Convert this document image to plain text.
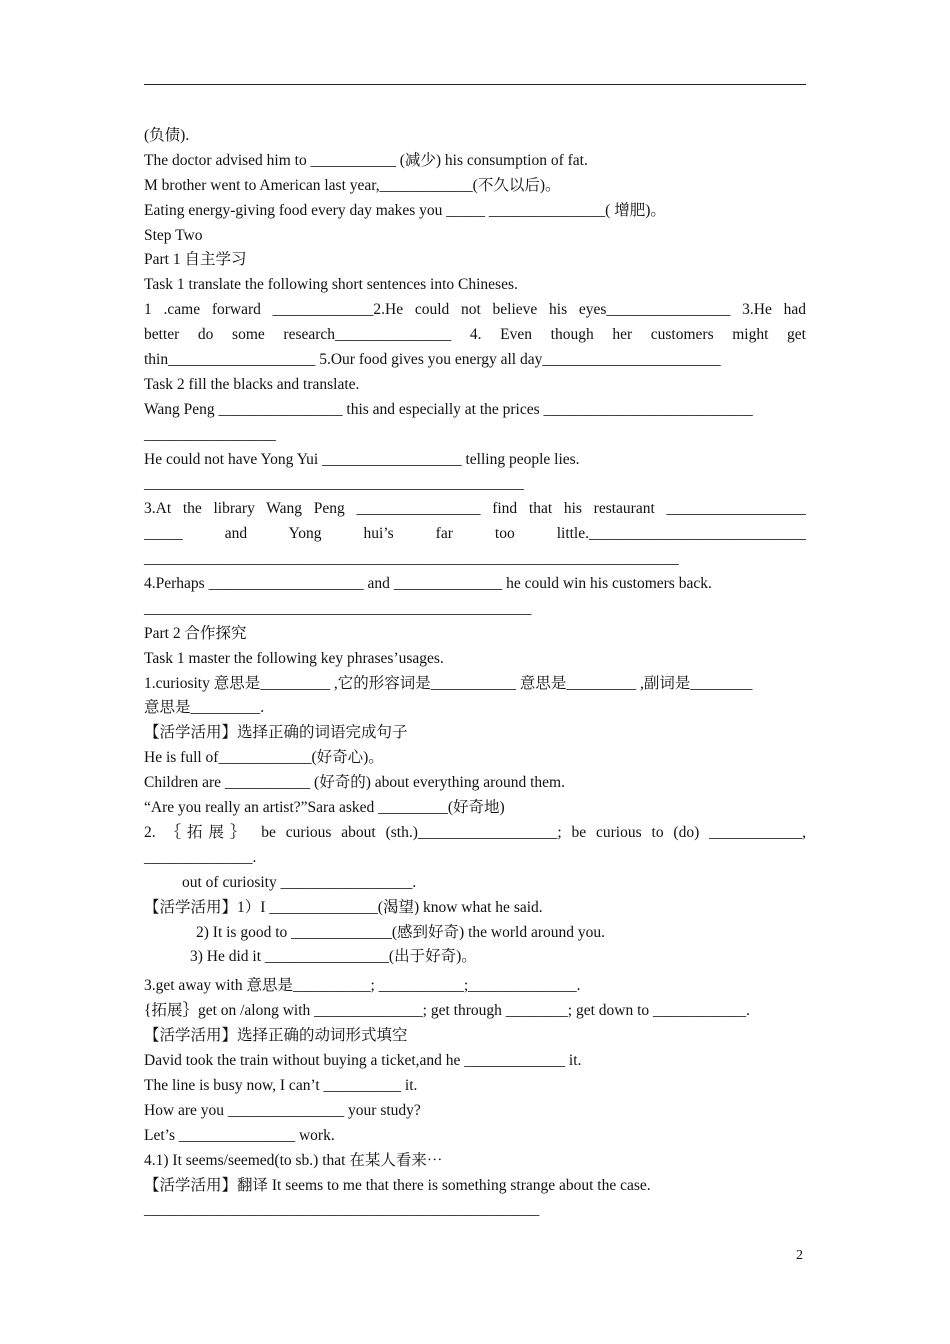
(负债).
The doctor advised him to ___________ (减少) his consumption of fat.
M brother went to American last year,____________(不久以后)。
Eating energy-giving food every day makes you _____ _______________( 增肥)。
Step Two
Part 1 自主学习
Task 1 translate the following short sentences into Chineses.
1 .came forward _____________2.He could not believe his eyes________________ 3.He had
better do some research_______________ 4. Even though her customers might get
thin___________________ 5.Our food gives you energy all day_______________________
Task 2 fill the blacks and translate.
Wang Peng ________________ this and especially at the prices ___________________________
_________________
He could not have Yong Yui __________________ telling people lies.
_________________________________________________
3.At the library Wang Peng ________________ find that his restaurant __________________
_____ and Yong hui’s far too little.____________________________
_____________________________________________________________________
4.Perhaps ____________________ and ______________ he could win his customers back.
__________________________________________________
Part 2 合作探究
Task 1 master the following key phrases’usages.
1.curiosity 意思是_________ ,它的形容词是___________ 意思是_________ ,副词是________
意思是_________.
【活学活用】选择正确的词语完成句子
He is full of____________(好奇心)。
Children are ___________ (好奇的) about everything around them.
“Are you really an artist?”Sara asked _________(好奇地)
2. ｛拓展｝ be curious about (sth.)__________________; be curious to (do) ____________,
______________.
out of curiosity _________________.
【活学活用】1）I ______________(渴望) know what he said.
2) It is good to _____________(感到好奇) the world around you.
3) He did it ________________(出于好奇)。
3.get away with 意思是__________; ___________;______________.
{拓展｝get on /along with ______________; get through ________; get down to ____________.
【活学活用】选择正确的动词形式填空
David took the train without buying a ticket,and he _____________ it.
The line is busy now, I can’t __________ it.
How are you _______________ your study?
Let’s _______________ work.
4.1) It seems/seemed(to sb.) that 在某人看来⋯
【活学活用】翻译 It seems to me that there is something strange about the case.
___________________________________________________
2
